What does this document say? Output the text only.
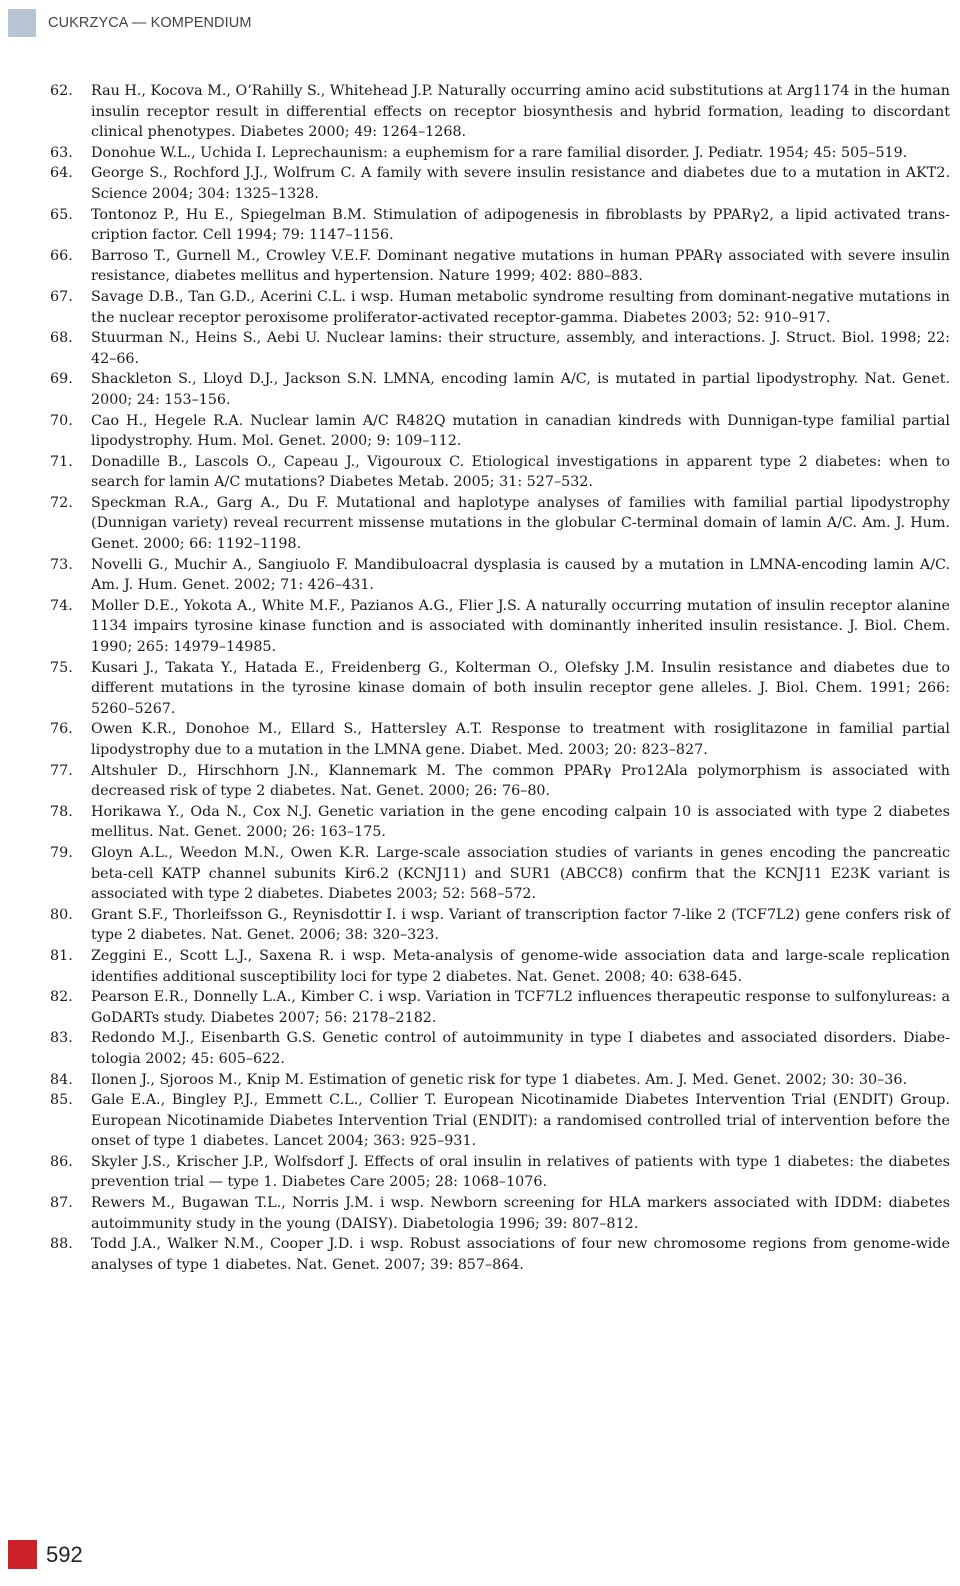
CUKRZYCA — KOMPENDIUM
62.	Rau H., Kocova M., O’Rahilly S., Whitehead J.P. Naturally occurring amino acid substitutions at Arg1174 in the human insulin receptor result in differential effects on receptor biosynthesis and hybrid formation, leading to discordant clinical phenotypes. Diabetes 2000; 49: 1264–1268.
63.	Donohue W.L., Uchida I. Leprechaunism: a euphemism for a rare familial disorder. J. Pediatr. 1954; 45: 505–519.
64.	George S., Rochford J.J., Wolfrum C. A family with severe insulin resistance and diabetes due to a mutation in AKT2. Science 2004; 304: 1325–1328.
65.	Tontonoz P., Hu E., Spiegelman B.M. Stimulation of adipogenesis in fibroblasts by PPARγ2, a lipid activated transcription factor. Cell 1994; 79: 1147–1156.
66.	Barroso T., Gurnell M., Crowley V.E.F. Dominant negative mutations in human PPARγ associated with severe insulin resistance, diabetes mellitus and hypertension. Nature 1999; 402: 880–883.
67.	Savage D.B., Tan G.D., Acerini C.L. i wsp. Human metabolic syndrome resulting from dominant-negative mutations in the nuclear receptor peroxisome proliferator-activated receptor-gamma. Diabetes 2003; 52: 910–917.
68.	Stuurman N., Heins S., Aebi U. Nuclear lamins: their structure, assembly, and interactions. J. Struct. Biol. 1998; 22: 42–66.
69.	Shackleton S., Lloyd D.J., Jackson S.N. LMNA, encoding lamin A/C, is mutated in partial lipodystrophy. Nat. Genet. 2000; 24: 153–156.
70.	Cao H., Hegele R.A. Nuclear lamin A/C R482Q mutation in canadian kindreds with Dunnigan-type familial partial lipodystrophy. Hum. Mol. Genet. 2000; 9: 109–112.
71.	Donadille B., Lascols O., Capeau J., Vigouroux C. Etiological investigations in apparent type 2 diabetes: when to search for lamin A/C mutations? Diabetes Metab. 2005; 31: 527–532.
72.	Speckman R.A., Garg A., Du F. Mutational and haplotype analyses of families with familial partial lipodystrophy (Dunnigan variety) reveal recurrent missense mutations in the globular C-terminal domain of lamin A/C. Am. J. Hum. Genet. 2000; 66: 1192–1198.
73.	Novelli G., Muchir A., Sangiuolo F. Mandibuloacral dysplasia is caused by a mutation in LMNA-encoding lamin A/C. Am. J. Hum. Genet. 2002; 71: 426–431.
74.	Moller D.E., Yokota A., White M.F., Pazianos A.G., Flier J.S. A naturally occurring mutation of insulin receptor alanine 1134 impairs tyrosine kinase function and is associated with dominantly inherited insulin resistance. J. Biol. Chem. 1990; 265: 14979–14985.
75.	Kusari J., Takata Y., Hatada E., Freidenberg G., Kolterman O., Olefsky J.M. Insulin resistance and diabetes due to different mutations in the tyrosine kinase domain of both insulin receptor gene alleles. J. Biol. Chem. 1991; 266: 5260–5267.
76.	Owen K.R., Donohoe M., Ellard S., Hattersley A.T. Response to treatment with rosiglitazone in familial partial lipodystrophy due to a mutation in the LMNA gene. Diabet. Med. 2003; 20: 823–827.
77.	Altshuler D., Hirschhorn J.N., Klannemark M. The common PPARγ Pro12Ala polymorphism is associated with decreased risk of type 2 diabetes. Nat. Genet. 2000; 26: 76–80.
78.	Horikawa Y., Oda N., Cox N.J. Genetic variation in the gene encoding calpain 10 is associated with type 2 diabetes mellitus. Nat. Genet. 2000; 26: 163–175.
79.	Gloyn A.L., Weedon M.N., Owen K.R. Large-scale association studies of variants in genes encoding the pancreatic beta-cell KATP channel subunits Kir6.2 (KCNJ11) and SUR1 (ABCC8) confirm that the KCNJ11 E23K variant is associated with type 2 diabetes. Diabetes 2003; 52: 568–572.
80.	Grant S.F., Thorleifsson G., Reynisdottir I. i wsp. Variant of transcription factor 7-like 2 (TCF7L2) gene confers risk of type 2 diabetes. Nat. Genet. 2006; 38: 320–323.
81.	Zeggini E., Scott L.J., Saxena R. i wsp. Meta-analysis of genome-wide association data and large-scale replication identifies additional susceptibility loci for type 2 diabetes. Nat. Genet. 2008; 40: 638-645.
82.	Pearson E.R., Donnelly L.A., Kimber C. i wsp. Variation in TCF7L2 influences therapeutic response to sulfonylureas: a GoDARTs study. Diabetes 2007; 56: 2178–2182.
83.	Redondo M.J., Eisenbarth G.S. Genetic control of autoimmunity in type I diabetes and associated disorders. Diabetologia 2002; 45: 605–622.
84.	Ilonen J., Sjoroos M., Knip M. Estimation of genetic risk for type 1 diabetes. Am. J. Med. Genet. 2002; 30: 30–36.
85.	Gale E.A., Bingley P.J., Emmett C.L., Collier T. European Nicotinamide Diabetes Intervention Trial (ENDIT) Group. European Nicotinamide Diabetes Intervention Trial (ENDIT): a randomised controlled trial of intervention before the onset of type 1 diabetes. Lancet 2004; 363: 925–931.
86.	Skyler J.S., Krischer J.P., Wolfsdorf J. Effects of oral insulin in relatives of patients with type 1 diabetes: the diabetes prevention trial — type 1. Diabetes Care 2005; 28: 1068–1076.
87.	Rewers M., Bugawan T.L., Norris J.M. i wsp. Newborn screening for HLA markers associated with IDDM: diabetes autoimmunity study in the young (DAISY). Diabetologia 1996; 39: 807–812.
88.	Todd J.A., Walker N.M., Cooper J.D. i wsp. Robust associations of four new chromosome regions from genome-wide analyses of type 1 diabetes. Nat. Genet. 2007; 39: 857–864.
592
